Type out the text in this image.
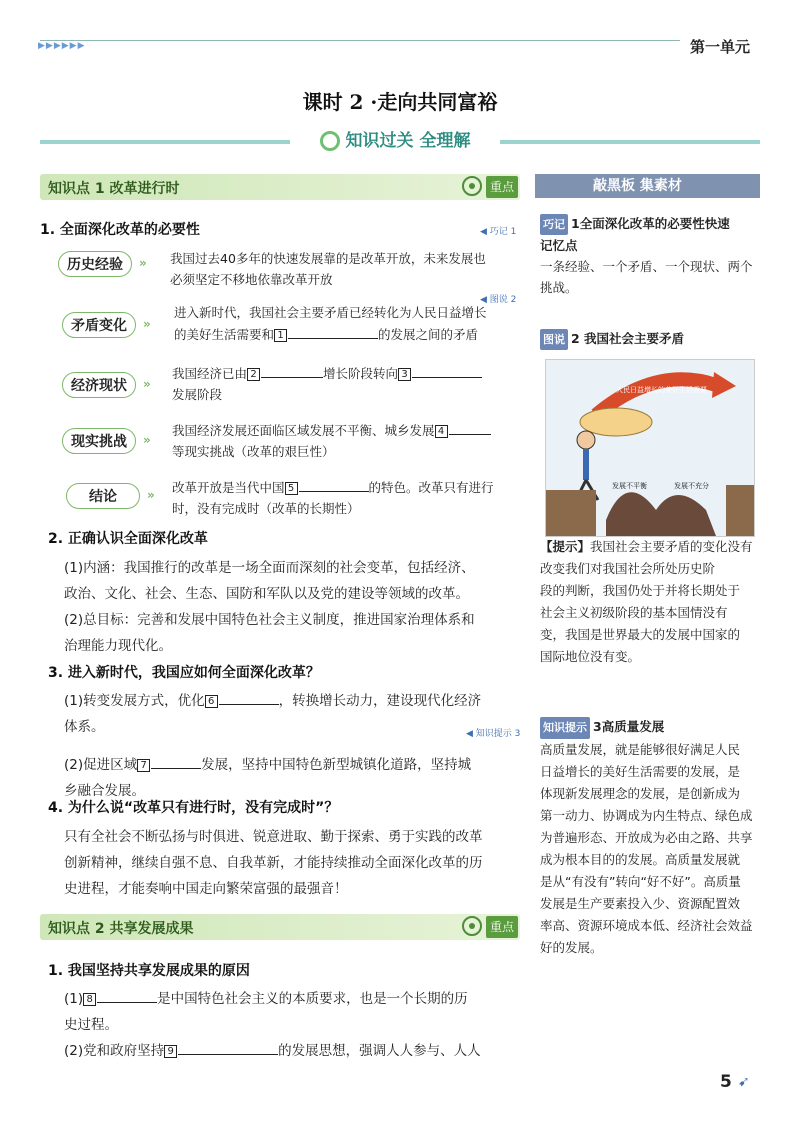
▶▶▶▶▶▶	第一单元
课时 2 ·走向共同富裕
知识过关 全理解
知识点 1 改革进行时	重点
1. 全面深化改革的必要性	◀ 巧记 1
历史经验	» 我国过去40多年的快速发展靠的是改革开放，未来发展也
必须坚定不移地依靠改革开放
◀ 图说 2
矛盾变化	»
进入新时代，我国社会主要矛盾已经转化为人民日益增长
的美好生活需要和 1	的发展之间的矛盾
经济现状	»
我国经济已由 2	增长阶段转向 3
发展阶段
现实挑战	»
我国经济发展还面临区域发展不平衡、城乡发展 4
等现实挑战（改革的艰巨性）
结论	» 改革开放是当代中国 5	的特色。改革只有进行
时，没有完成时（改革的长期性）
2. 正确认识全面深化改革
(1)内涵：我国推行的改革是一场全面而深刻的社会变革，包括经济、
政治、文化、社会、生态、国防和军队以及党的建设等领域的改革。
(2)总目标：完善和发展中国特色社会主义制度，推进国家治理体系和
治理能力现代化。
3. 进入新时代，我国应如何全面深化改革？
(1)转变发展方式，优化 6	，转换增长动力，建设现代化经济
体系。
(2)促进区域 7	发展，坚持中国特色新型城镇化道路，坚持城
乡融合发展。
◀ 知识提示 3
4. 为什么说“改革只有进行时，没有完成时”？
只有全社会不断弘扬与时俱进、锐意进取、勤于探索、勇于实践的改革
创新精神，继续自强不息、自我革新，才能持续推动全面深化改革的历
史进程，才能奏响中国走向繁荣富强的最强音！
知识点 2 共享发展成果	重点
1. 我国坚持共享发展成果的原因
(1) 8	是中国特色社会主义的本质要求，也是一个长期的历
史过程。
(2)党和政府坚持 9	的发展思想，强调人人参与、人人
敲黑板 集素材
巧记 1全面深化改革的必要性快速
记忆点
一条经验、一个矛盾、一个现状、两个
挑战。
图说 2 我国社会主要矛盾
人民日益增长的美好生活需要
发展不平衡	发展不充分
【提示】我国社会主要矛盾的变化没有
改变我们对我国社会所处历史阶
段的判断，我国仍处于并将长期处于
社会主义初级阶段的基本国情没有
变，我国是世界最大的发展中国家的
国际地位没有变。
知识提示 3高质量发展
高质量发展，就是能够很好满足人民
日益增长的美好生活需要的发展，是
体现新发展理念的发展，是创新成为
第一动力、协调成为内生特点、绿色成
为普遍形态、开放成为必由之路、共享
成为根本目的的发展。高质量发展就
是从“有没有”转向“好不好”。高质量
发展是生产要素投入少、资源配置效
率高、资源环境成本低、经济社会效益
好的发展。
5 ➹
